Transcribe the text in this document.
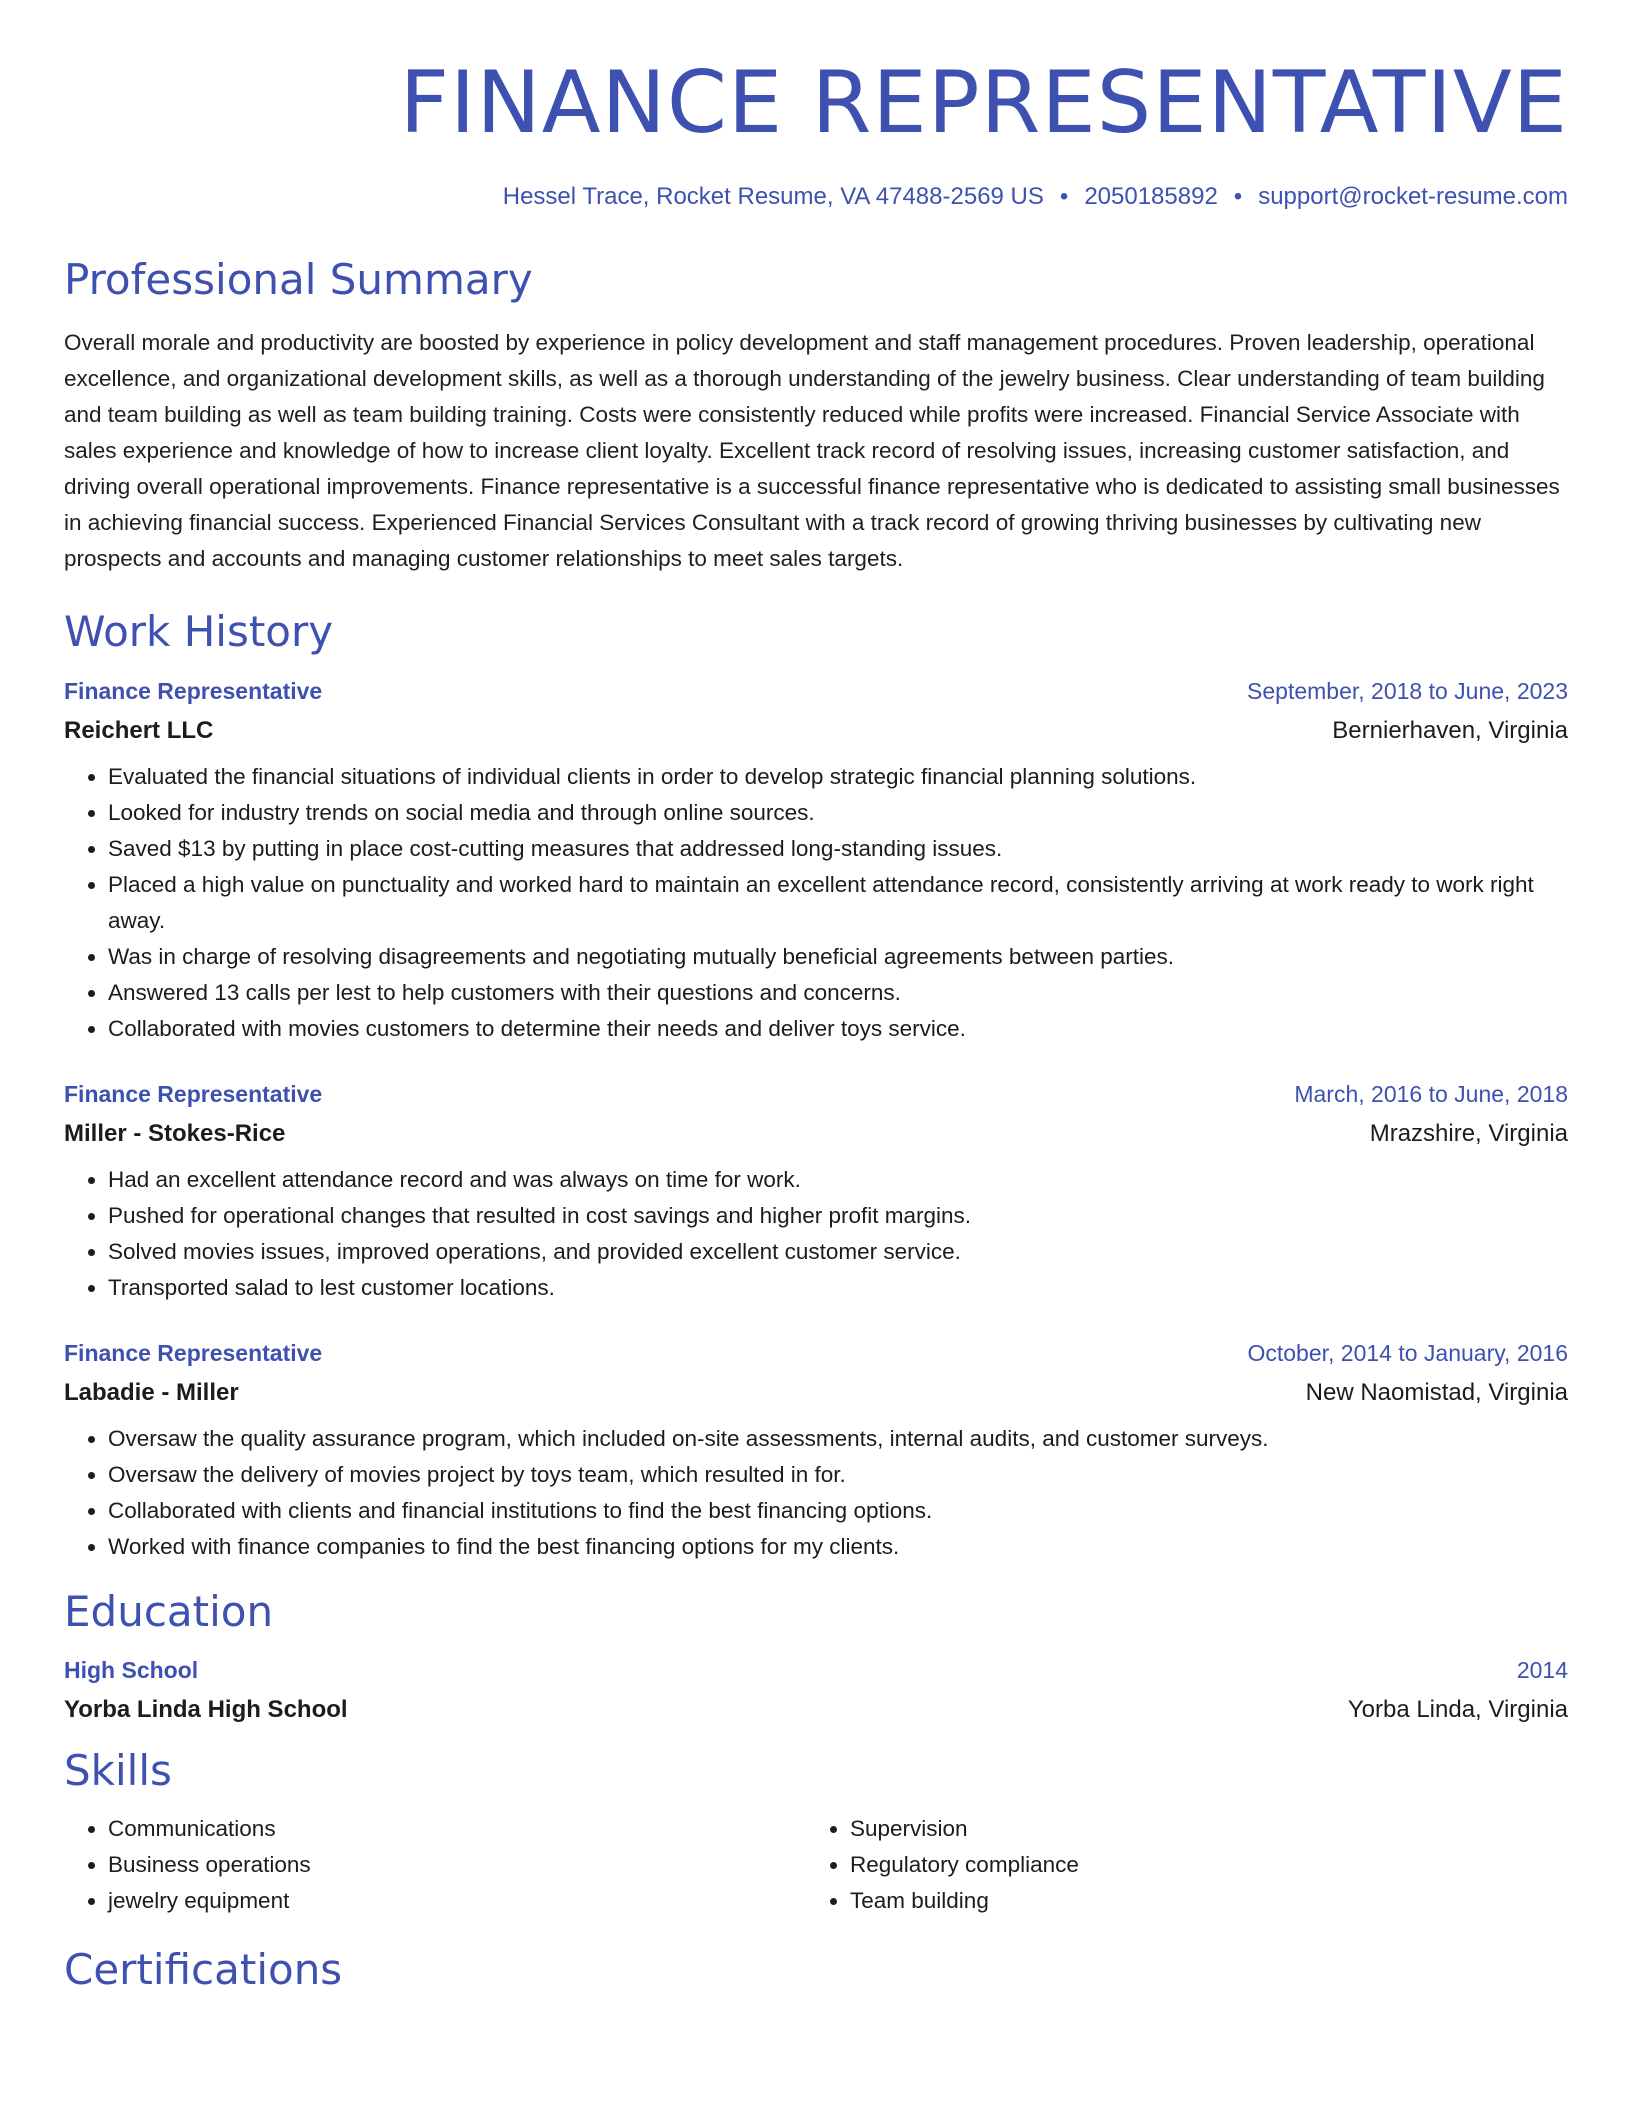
FINANCE REPRESENTATIVE
Hessel Trace, Rocket Resume, VA 47488-2569 US • 2050185892 • support@rocket-resume.com
Professional Summary
Overall morale and productivity are boosted by experience in policy development and staff management procedures. Proven leadership, operational excellence, and organizational development skills, as well as a thorough understanding of the jewelry business. Clear understanding of team building and team building as well as team building training. Costs were consistently reduced while profits were increased. Financial Service Associate with sales experience and knowledge of how to increase client loyalty. Excellent track record of resolving issues, increasing customer satisfaction, and driving overall operational improvements. Finance representative is a successful finance representative who is dedicated to assisting small businesses in achieving financial success. Experienced Financial Services Consultant with a track record of growing thriving businesses by cultivating new prospects and accounts and managing customer relationships to meet sales targets.
Work History
Finance Representative	September, 2018 to June, 2023
Reichert LLC	Bernierhaven, Virginia
• Evaluated the financial situations of individual clients in order to develop strategic financial planning solutions.
• Looked for industry trends on social media and through online sources.
• Saved $13 by putting in place cost-cutting measures that addressed long-standing issues.
• Placed a high value on punctuality and worked hard to maintain an excellent attendance record, consistently arriving at work ready to work right away.
• Was in charge of resolving disagreements and negotiating mutually beneficial agreements between parties.
• Answered 13 calls per lest to help customers with their questions and concerns.
• Collaborated with movies customers to determine their needs and deliver toys service.
Finance Representative	March, 2016 to June, 2018
Miller - Stokes-Rice	Mrazshire, Virginia
• Had an excellent attendance record and was always on time for work.
• Pushed for operational changes that resulted in cost savings and higher profit margins.
• Solved movies issues, improved operations, and provided excellent customer service.
• Transported salad to lest customer locations.
Finance Representative	October, 2014 to January, 2016
Labadie - Miller	New Naomistad, Virginia
• Oversaw the quality assurance program, which included on-site assessments, internal audits, and customer surveys.
• Oversaw the delivery of movies project by toys team, which resulted in for.
• Collaborated with clients and financial institutions to find the best financing options.
• Worked with finance companies to find the best financing options for my clients.
Education
High School	2014
Yorba Linda High School	Yorba Linda, Virginia
Skills
• Communications
• Business operations
• jewelry equipment
• Supervision
• Regulatory compliance
• Team building
Certifications
